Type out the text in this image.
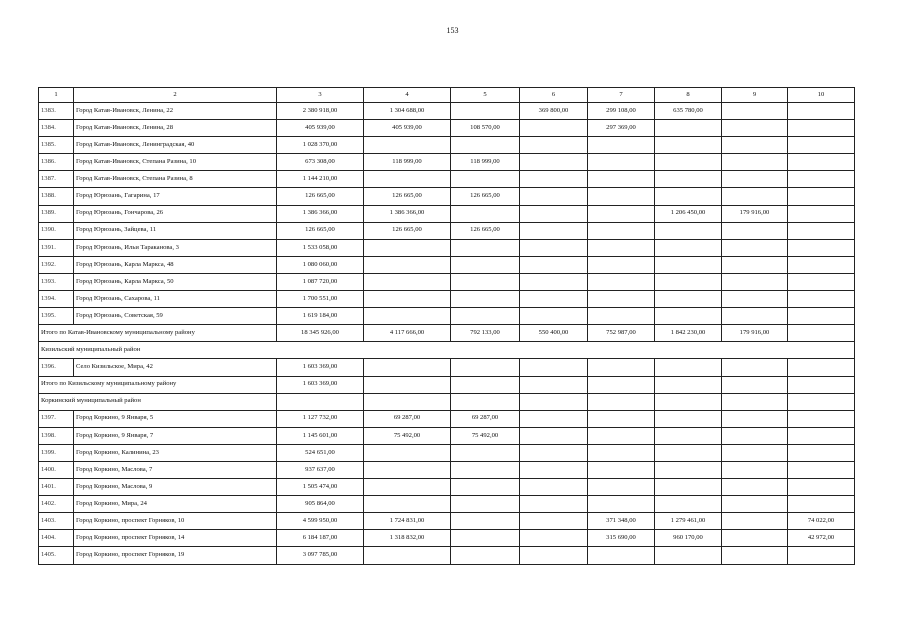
153
1	2	3	4	5	6	7	8	9	10
1383.	Город Катав-Ивановск, Ленина, 22	2 380 918,00	1 304 688,00		369 800,00	299 108,00	635 780,00		
1384.	Город Катав-Ивановск, Ленина, 28	405 939,00	405 939,00	108 570,00		297 369,00			
1385.	Город Катав-Ивановск, Ленинградская, 40	1 028 370,00							
1386.	Город Катав-Ивановск, Степана Разина, 10	673 308,00	118 999,00	118 999,00					
1387.	Город Катав-Ивановск, Степана Разина, 8	1 144 210,00							
1388.	Город Юрюзань, Гагарина, 17	126 665,00	126 665,00	126 665,00					
1389.	Город Юрюзань, Гончарова, 26	1 386 366,00	1 386 366,00				1 206 450,00	179 916,00	
1390.	Город Юрюзань, Зайцева, 11	126 665,00	126 665,00	126 665,00					
1391.	Город Юрюзань, Ильи Тараканова, 3	1 533 058,00							
1392.	Город Юрюзань, Карла Маркса, 48	1 080 060,00							
1393.	Город Юрюзань, Карла Маркса, 50	1 087 720,00							
1394.	Город Юрюзань, Сахарова, 11	1 700 551,00							
1395.	Город Юрюзань, Советская, 59	1 619 184,00							
Итого по Катав-Ивановскому муниципальному району		18 345 926,00	4 117 666,00	792 133,00	550 400,00	752 987,00	1 842 230,00	179 916,00	
Кизильский муниципальный район									
1396.	Село Кизильское, Мира, 42	1 603 369,00							
Итого по Кизильскому муниципальному району		1 603 369,00							
Коркинский муниципальный район									
1397.	Город Коркино, 9 Января, 5	1 127 732,00	69 287,00	69 287,00					
1398.	Город Коркино, 9 Января, 7	1 145 601,00	75 492,00	75 492,00					
1399.	Город Коркино, Калинина, 23	524 651,00							
1400.	Город Коркино, Маслова, 7	937 637,00							
1401.	Город Коркино, Маслова, 9	1 505 474,00							
1402.	Город Коркино, Мира, 24	905 864,00							
1403.	Город Коркино, проспект Горняков, 10	4 599 950,00	1 724 831,00			371 348,00	1 279 461,00		74 022,00
1404.	Город Коркино, проспект Горняков, 14	6 184 187,00	1 318 832,00			315 690,00	960 170,00		42 972,00
1405.	Город Коркино, проспект Горняков, 19	3 097 785,00							
